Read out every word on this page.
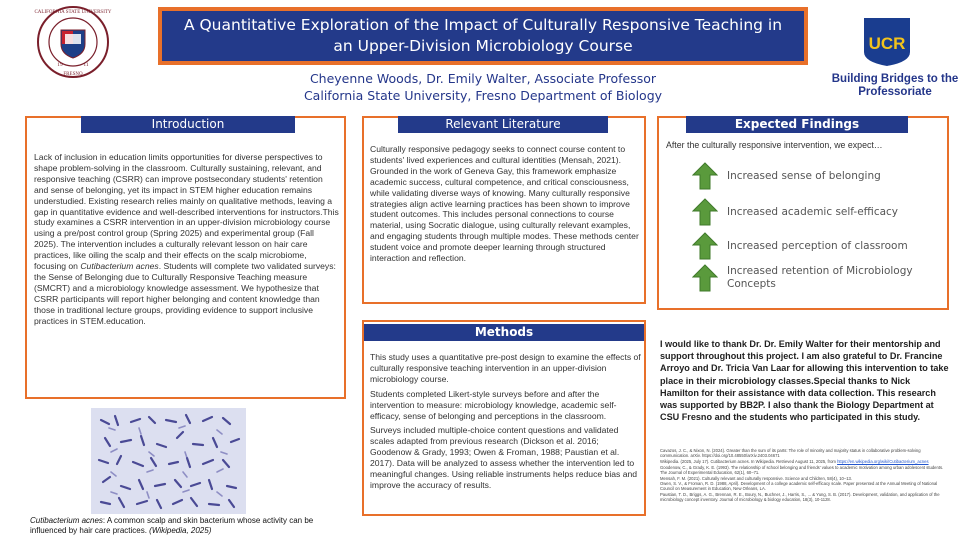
CALIFORNIA STATE UNIVERSITY
FRESNO
19	11
A Quantitative Exploration of the Impact of Culturally Responsive Teaching in an Upper-Division Microbiology Course
Cheyenne Woods, Dr. Emily Walter, Associate Professor
California State University, Fresno Department of Biology
UCR
Building Bridges to the Professoriate
Introduction
Lack of inclusion in education limits opportunities for diverse perspectives to shape problem-solving in the classroom. Culturally sustaining, relevant, and responsive teaching (CSRR) can improve postsecondary students' retention and sense of belonging, yet its impact in STEM higher education remains understudied. Existing research relies mainly on qualitative methods, leaving a gap in quantitative evidence and well-described interventions for instructors.This study examines a CSRR intervention in an upper-division microbiology course using a pre/post control group (Spring 2025) and experimental group (Fall 2025). The intervention includes a culturally relevant lesson on hair care practices, like oiling the scalp and their effects on the scalp microbiome, focusing on Cutibacterium acnes. Students will complete two validated surveys: the Sense of Belonging due to Culturally Responsive Teaching measure (SMCRT) and a microbiology knowledge assessment. We hypothesize that CSRR participants will report higher belonging and content knowledge than those in traditional lecture groups, providing evidence to support inclusive practices in STEM.education.
Relevant Literature
Culturally responsive pedagogy seeks to connect course content to students' lived experiences and cultural identities (Mensah, 2021). Grounded in the work of Geneva Gay, this framework emphasize academic success, cultural competence, and critical consciousness, while validating diverse ways of knowing. Many culturally responsive strategies align active learning practices has been shown to improve student outcomes. This includes personal connections to course material, using Socratic dialogue, using culturally relevant examples, and engaging students through multiple modes. These methods center student voice and promote deeper learning through structured interaction and reflection.
Methods

This study uses a quantitative pre-post design to examine the effects of culturally responsive teaching intervention in an upper-division microbiology course.

Students completed Likert-style surveys before and after the intervention to measure: microbiology knowledge, academic self-efficacy, sense of belonging and perceptions in the classroom.

Surveys included multiple-choice content questions and validated scales adapted from previous research (Dickson et al. 2016; Goodenow & Grady, 1993; Owen & Froman, 1988; Paustian et al. 2017). Data will be analyzed to assess whether the intervention led to meaningful changes. Using reliable instruments helps reduce bias and improve the accuracy of results.

Expected Findings
After the culturally responsive intervention, we expect…
Increased sense of belonging
Increased academic self-efficacy
Increased perception of classroom
Increased retention of Microbiology Concepts
I would like to thank Dr. Dr. Emily Walter for their mentorship and support throughout this project. I am also grateful to Dr. Francine Arroyo and Dr. Tricia Van Laar for allowing this intervention to take place in their microbiology classes.Special thanks to Nick Hamilton for their assistance with data collection. This research was supported by BB2P. I also thank the Biology Department at CSU Fresno and the students who participated in this study.
Cavazos, J. C., & Nixon, N. (2024). Greater than the sum of its parts: The role of minority and majority status in collaborative problem-solving communication. arXiv. https://doi.org/10.48550/arXiv.2403.04671
Wikipedia. (2025, July 17). Cutibacterium acnes. In Wikipedia. Retrieved August 11, 2025, from https://en.wikipedia.org/wiki/Cutibacterium_acnes
Goodenow, C., & Grady, K. E. (1993). The relationship of school belonging and friends' values to academic motivation among urban adolescent students. The Journal of Experimental Education, 62(1), 60–71.
Mensah, F. M. (2021). Culturally relevant and culturally responsive. Science and Children, 58(4), 10–13.
Owen, S. V., & Froman, R. D. (1988, April). Development of a college academic self-efficacy scale. Paper presented at the Annual Meeting of National Council on Measurement in Education, New Orleans, LA.
Paustian, T. D., Briggs, A. G., Brennan, R. E., Boury, N., Buchner, J., Harris, S., ... & Yung, S. B. (2017). Development, validation, and application of the microbiology concept inventory. Journal of microbiology & biology education, 18(3), 10-1128.
Cutibacterium acnes: A common scalp and skin bacterium whose activity can be influenced by hair care practices. (Wikipedia, 2025)
